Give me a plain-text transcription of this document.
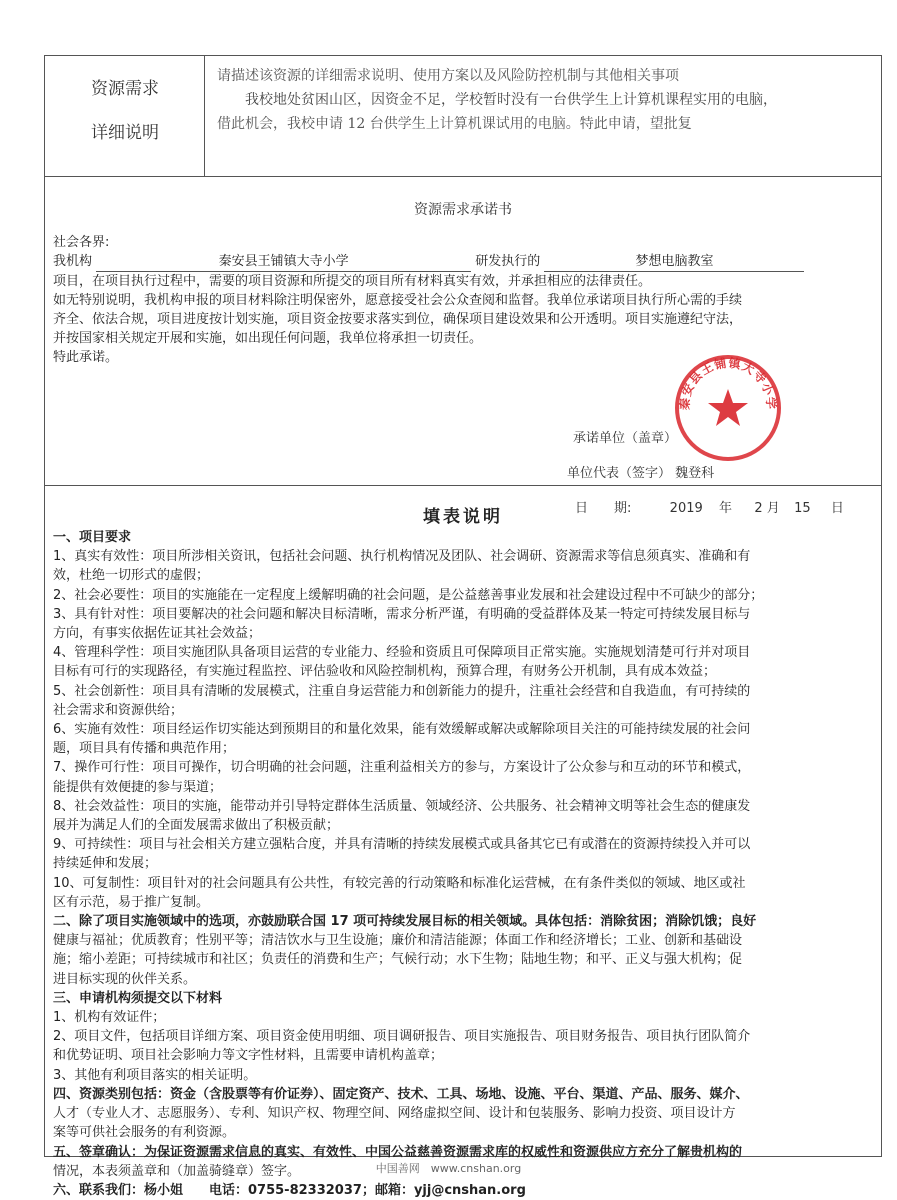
资源需求
详细说明
请描述该资源的详细需求说明、使用方案以及风险防控机制与其他相关事项
我校地处贫困山区，因资金不足，学校暂时没有一台供学生上计算机课程实用的电脑，
借此机会，我校申请 12 台供学生上计算机课试用的电脑。特此申请，望批复
资源需求承诺书
社会各界:
我机构	秦安县王铺镇大寺小学	研发执行的	梦想电脑教室
项目，在项目执行过程中，需要的项目资源和所提交的项目所有材料真实有效，并承担相应的法律责任。
如无特别说明，我机构申报的项目材料除注明保密外，愿意接受社会公众查阅和监督。我单位承诺项目执行所心需的手续
齐全、依法合规，项目进度按计划实施，项目资金按要求落实到位，确保项目建设效果和公开透明。项目实施遵纪守法，
并按国家相关规定开展和实施，如出现任何问题，我单位将承担一切责任。
特此承诺。
承诺单位（盖章）
单位代表（签字） 魏登科
日　　期:	2019 年 2 月 15 日
秦安县王铺镇大寺小学
填表说明
一、项目要求
1、真实有效性：项目所涉相关资讯，包括社会问题、执行机构情况及团队、社会调研、资源需求等信息须真实、准确和有
效，杜绝一切形式的虚假；
2、社会必要性：项目的实施能在一定程度上缓解明确的社会问题，是公益慈善事业发展和社会建设过程中不可缺少的部分；
3、具有针对性：项目要解决的社会问题和解决目标清晰，需求分析严谨，有明确的受益群体及某一特定可持续发展目标与
方向，有事实依据佐证其社会效益；
4、管理科学性：项目实施团队具备项目运营的专业能力、经验和资质且可保障项目正常实施。实施规划清楚可行并对项目
目标有可行的实现路径，有实施过程监控、评估验收和风险控制机构，预算合理，有财务公开机制，具有成本效益；
5、社会创新性：项目具有清晰的发展模式，注重自身运营能力和创新能力的提升，注重社会经营和自我造血，有可持续的
社会需求和资源供给；
6、实施有效性：项目经运作切实能达到预期目的和量化效果，能有效缓解或解决或解除项目关注的可能持续发展的社会问
题，项目具有传播和典范作用；
7、操作可行性：项目可操作，切合明确的社会问题，注重利益相关方的参与，方案设计了公众参与和互动的环节和模式，
能提供有效便捷的参与渠道；
8、社会效益性：项目的实施，能带动并引导特定群体生活质量、领域经济、公共服务、社会精神文明等社会生态的健康发
展并为满足人们的全面发展需求做出了积极贡献；
9、可持续性：项目与社会相关方建立强粘合度，并具有清晰的持续发展模式或具备其它已有或潜在的资源持续投入并可以
持续延伸和发展；
10、可复制性：项目针对的社会问题具有公共性，有较完善的行动策略和标准化运营械，在有条件类似的领域、地区或社
区有示范，易于推广复制。
二、除了项目实施领域中的选项，亦鼓励联合国 17 项可持续发展目标的相关领域。具体包括：消除贫困；消除饥饿；良好
健康与福祉；优质教育；性别平等；清洁饮水与卫生设施；廉价和清洁能源；体面工作和经济增长；工业、创新和基础设
施；缩小差距；可持续城市和社区；负责任的消费和生产；气候行动；水下生物；陆地生物；和平、正义与强大机构；促
进目标实现的伙伴关系。
三、申请机构须提交以下材料
1、机构有效证件；
2、项目文件，包括项目详细方案、项目资金使用明细、项目调研报告、项目实施报告、项目财务报告、项目执行团队简介
和优势证明、项目社会影响力等文字性材料，且需要申请机构盖章；
3、其他有利项目落实的相关证明。
四、资源类别包括：资金（含股票等有价证券）、固定资产、技术、工具、场地、设施、平台、渠道、产品、服务、媒介、
人才（专业人才、志愿服务）、专利、知识产权、物理空间、网络虚拟空间、设计和包装服务、影响力投资、项目设计方
案等可供社会服务的有利资源。
五、签章确认：为保证资源需求信息的真实、有效性、中国公益慈善资源需求库的权威性和资源供应方充分了解贵机构的
情况，本表须盖章和（加盖骑缝章）签字。
六、联系我们：杨小姐　　电话：0755-82332037；邮箱：yjj@cnshan.org
中国善网　www.cnshan.org
